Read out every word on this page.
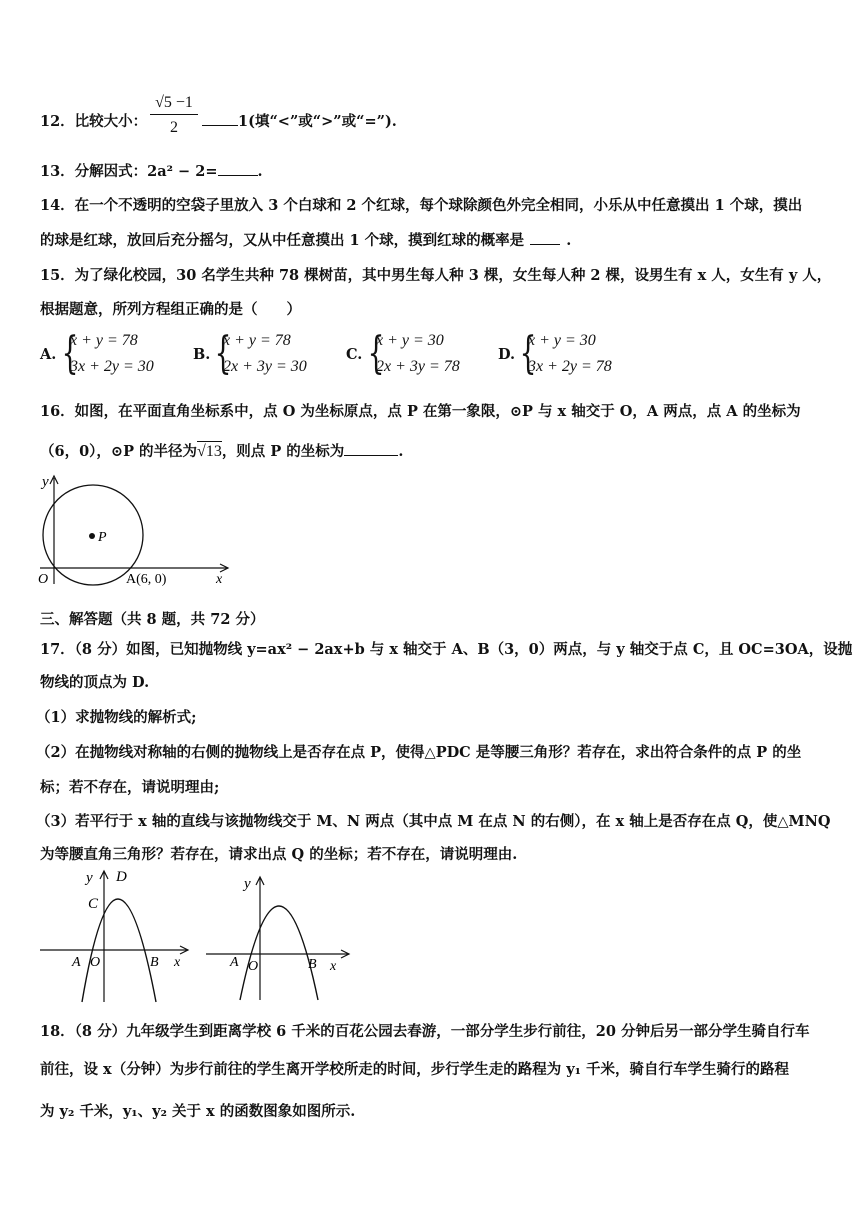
12．比较大小： $\frac{√5 -1}{2}$	1(填“<”或“>”或“=”).
13．分解因式：2a² − 2=	.
14．在一个不透明的空袋子里放入 3 个白球和 2 个红球，每个球除颜色外完全相同，小乐从中任意摸出 1 个球，摸出
的球是红球，放回后充分摇匀，又从中任意摸出 1 个球，摸到红球的概率是	.
15．为了绿化校园，30 名学生共种 78 棵树苗，其中男生每人种 3 棵，女生每人种 2 棵，设男生有 x 人，女生有 y 人，
根据题意，所列方程组正确的是（　　）
A. {
x + y = 78
3x + 2y = 30
B. {
x + y = 78
2x + 3y = 30
C. {
x + y = 30
2x + 3y = 78
D. {
x + y = 30
3x + 2y = 78
16．如图，在平面直角坐标系中，点 O 为坐标原点，点 P 在第一象限，⊙P 与 x 轴交于 O，A 两点，点 A 的坐标为
（6，0），⊙P 的半径为√13，则点 P 的坐标为	.
y
P
O	A(6, 0)	x
三、解答题（共 8 题，共 72 分）
17．（8 分）如图，已知抛物线 y=ax² − 2ax+b 与 x 轴交于 A、B（3，0）两点，与 y 轴交于点 C，且 OC=3OA，设抛
物线的顶点为 D.
（1）求抛物线的解析式;
（2）在抛物线对称轴的右侧的抛物线上是否存在点 P，使得△PDC 是等腰三角形？若存在，求出符合条件的点 P 的坐
标；若不存在，请说明理由;
（3）若平行于 x 轴的直线与该抛物线交于 M、N 两点（其中点 M 在点 N 的右侧），在 x 轴上是否存在点 Q，使△MNQ
为等腰直角三角形？若存在，请求出点 Q 的坐标；若不存在，请说明理由.
y D
C
A O	B x
y
A O	B x
18．（8 分）九年级学生到距离学校 6 千米的百花公园去春游，一部分学生步行前往，20 分钟后另一部分学生骑自行车
前往，设 x（分钟）为步行前往的学生离开学校所走的时间，步行学生走的路程为 y₁ 千米，骑自行车学生骑行的路程
为 y₂ 千米，y₁、y₂ 关于 x 的函数图象如图所示.
